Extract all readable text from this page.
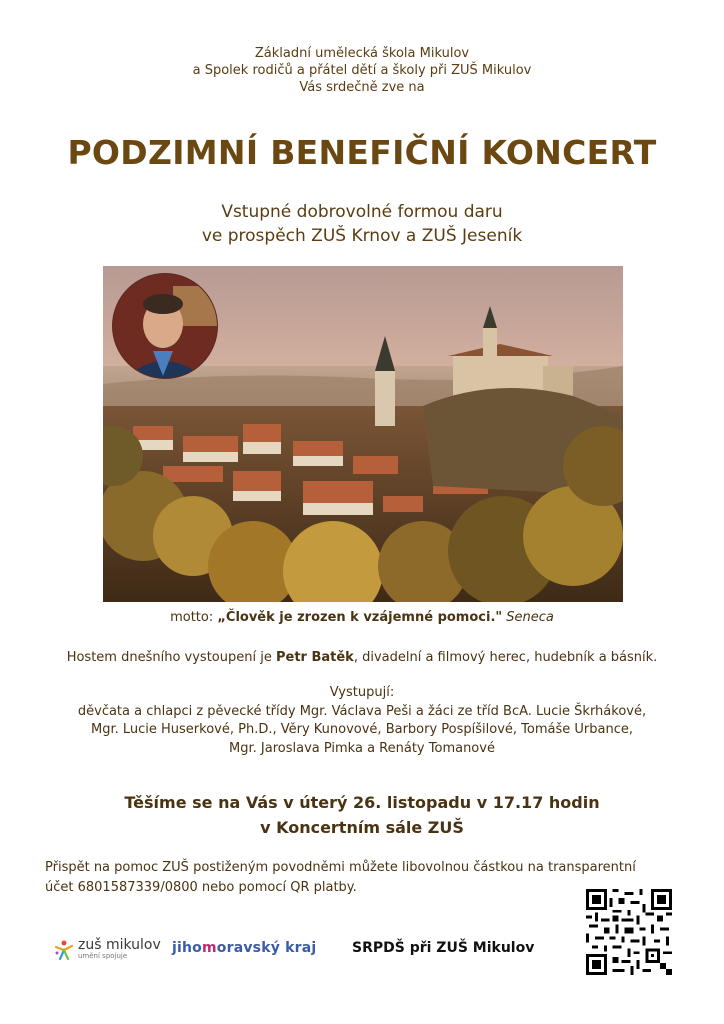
Základní umělecká škola Mikulov
a Spolek rodičů a přátel dětí a školy při ZUŠ Mikulov
Vás srdečně zve na
PODZIMNÍ BENEFIČNÍ KONCERT
Vstupné dobrovolné formou daru
ve prospěch ZUŠ Krnov a ZUŠ Jeseník
motto: „Člověk je zrozen k vzájemné pomoci." Seneca
Hostem dnešního vystoupení je Petr Batěk, divadelní a filmový herec, hudebník a básník.
Vystupují:
děvčata a chlapci z pěvecké třídy Mgr. Václava Peši a žáci ze tříd BcA. Lucie Škrhákové,
Mgr. Lucie Huserkové, Ph.D., Věry Kunovové, Barbory Pospíšilové, Tomáše Urbance,
Mgr. Jaroslava Pimka a Renáty Tomanové
Těšíme se na Vás v úterý 26. listopadu v 17.17 hodin
v Koncertním sále ZUŠ
Přispět na pomoc ZUŠ postiženým povodněmi můžete libovolnou částkou na transparentní
účet 6801587339/0800 nebo pomocí QR platby.
zuš mikulov
umění spojuje	jihomoravský kraj	SRPDŠ při ZUŠ Mikulov
